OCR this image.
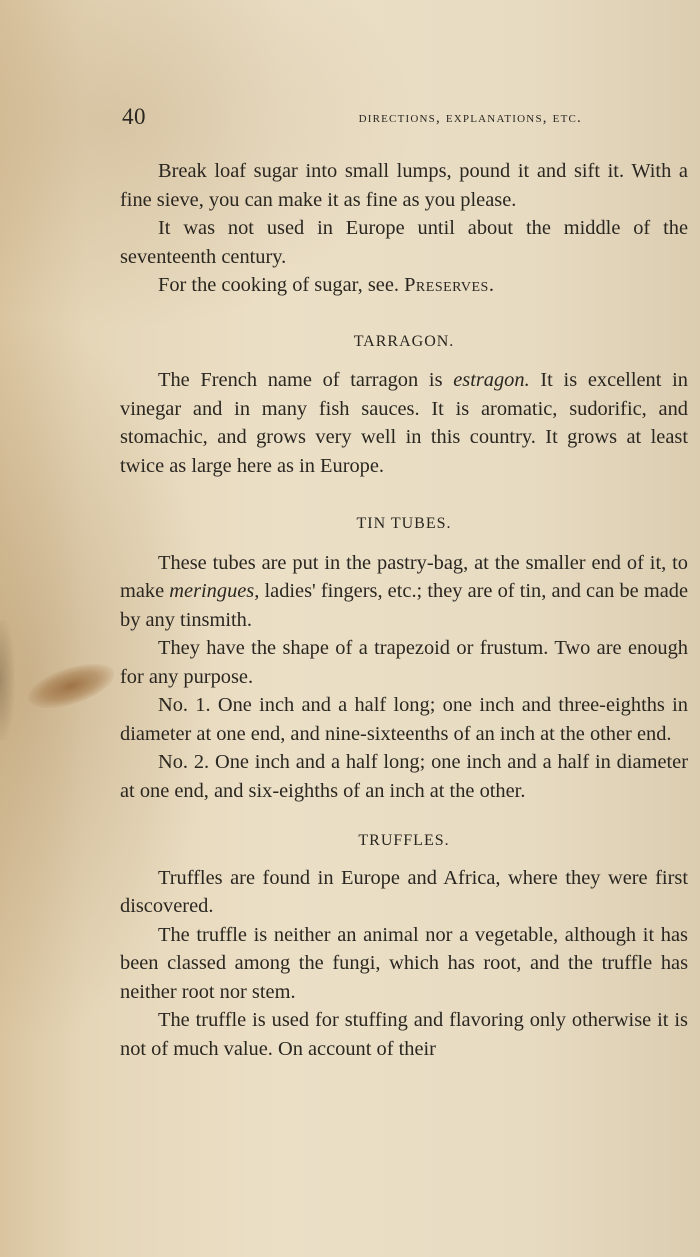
40	directions, explanations, etc.

Break loaf sugar into small lumps, pound it and sift it. With a fine sieve, you can make it as fine as you please.

It was not used in Europe until about the middle of the seventeenth century.

For the cooking of sugar, see. Preserves.

TARRAGON.

The French name of tarragon is estragon. It is excellent in vinegar and in many fish sauces. It is aromatic, sudorific, and stomachic, and grows very well in this country. It grows at least twice as large here as in Europe.

TIN TUBES.

These tubes are put in the pastry-bag, at the smaller end of it, to make meringues, ladies' fingers, etc.; they are of tin, and can be made by any tinsmith.

They have the shape of a trapezoid or frustum. Two are enough for any purpose.

No. 1. One inch and a half long; one inch and three-eighths in diameter at one end, and nine-sixteenths of an inch at the other end.

No. 2. One inch and a half long; one inch and a half in diameter at one end, and six-eighths of an inch at the other.

TRUFFLES.

Truffles are found in Europe and Africa, where they were first discovered.

The truffle is neither an animal nor a vegetable, although it has been classed among the fungi, which has root, and the truffle has neither root nor stem.

The truffle is used for stuffing and flavoring only otherwise it is not of much value. On account of their
